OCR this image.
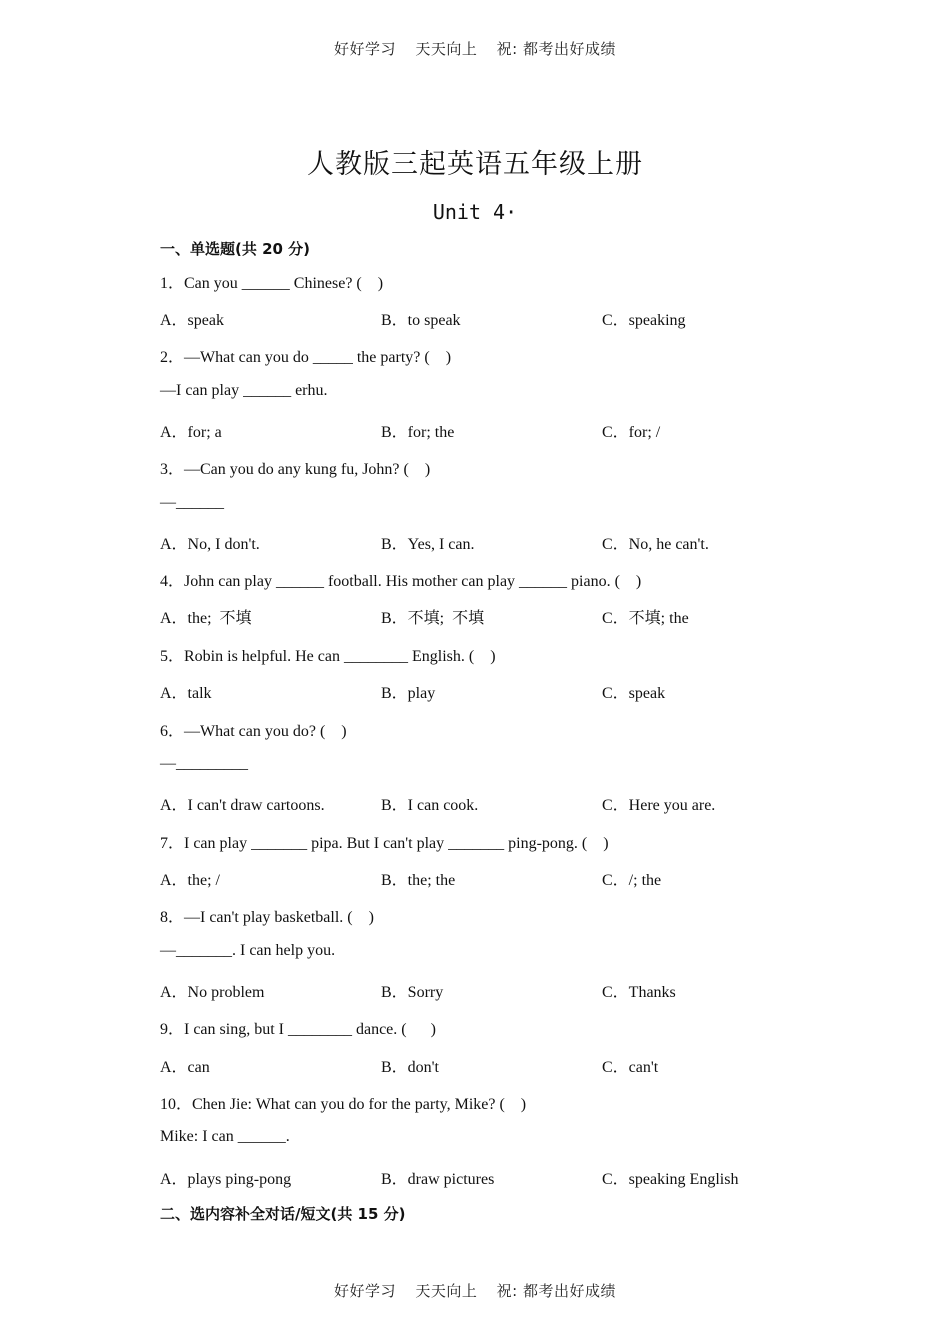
好好学习 天天向上 祝: 都考出好成绩
人教版三起英语五年级上册
Unit 4·
一、单选题(共 20 分)
1．Can you ______ Chinese? (    )
A．speak	B．to speak	C．speaking
2．—What can you do _____ the party? (    )
—I can play ______ erhu.
A．for; a	B．for; the	C．for; /
3．—Can you do any kung fu, John? (    )
—______
A．No, I don't.	B．Yes, I can.	C．No, he can't.
4．John can play ______ football. His mother can play ______ piano. (    )
A．the;  不填	B．不填;  不填	C．不填; the
5．Robin is helpful. He can ________ English. (    )
A．talk	B．play	C．speak
6．—What can you do? (    )
—_________
A．I can't draw cartoons.	B．I can cook.	C．Here you are.
7．I can play _______ pipa. But I can't play _______ ping-pong. (    )
A．the; /	B．the; the	C．/; the
8．—I can't play basketball. (    )
—_______. I can help you.
A．No problem	B．Sorry	C．Thanks
9．I can sing, but I ________ dance. (      )
A．can	B．don't	C．can't
10．Chen Jie: What can you do for the party, Mike? (    )
Mike: I can ______.
A．plays ping-pong	B．draw pictures	C．speaking English
二、选内容补全对话/短文(共 15 分)
好好学习 天天向上 祝: 都考出好成绩
